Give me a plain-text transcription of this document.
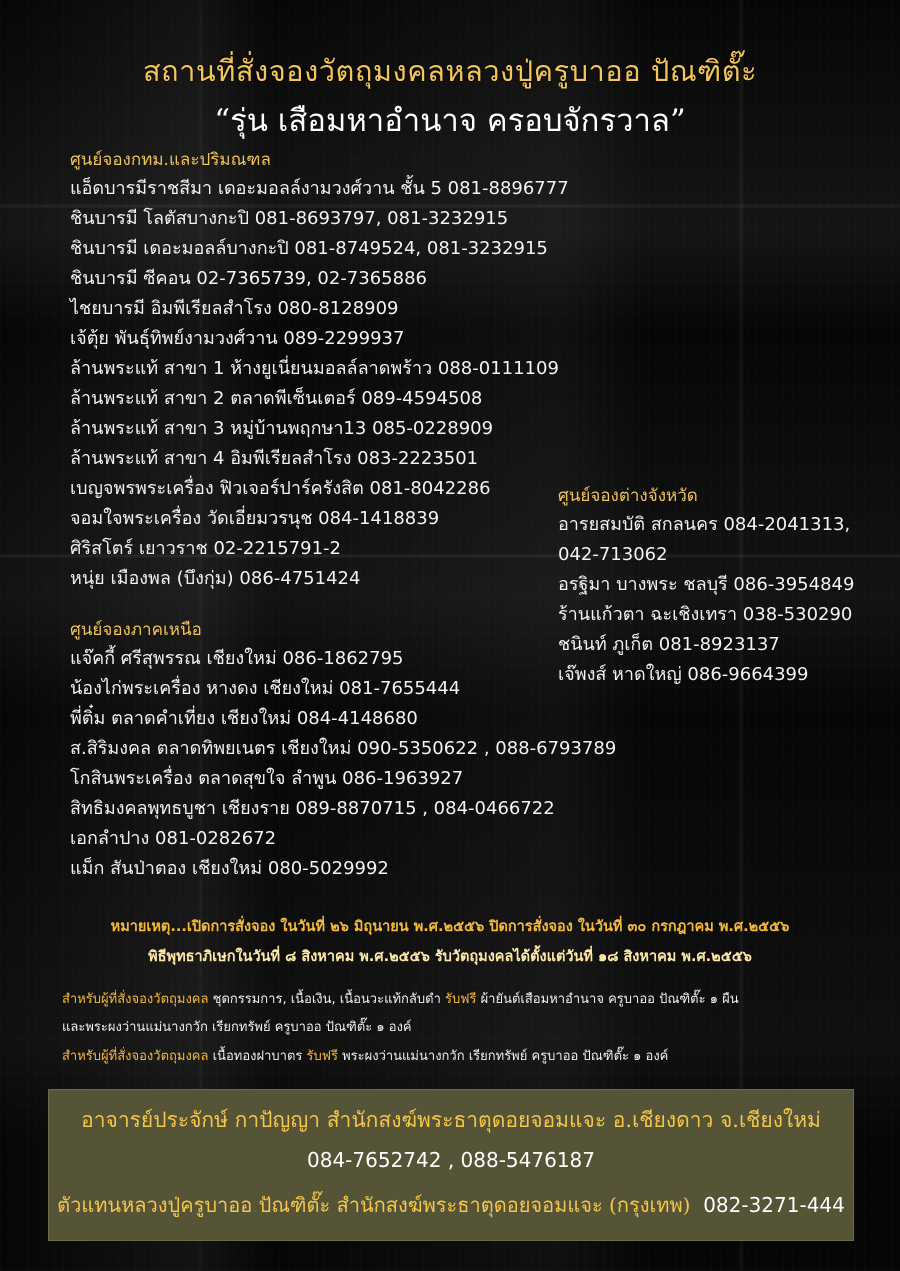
สถานที่สั่งจองวัตถุมงคลหลวงปู่ครูบาออ ปัณฑิตั๊ะ
“รุ่น เสือมหาอำนาจ ครอบจักรวาล”
ศูนย์จองกทม.และปริมณฑล
แอ็ดบารมีราชสีมา เดอะมอลล์งามวงศ์วาน ชั้น 5 081-8896777
ชินบารมี โลตัสบางกะปิ 081-8693797, 081-3232915
ชินบารมี เดอะมอลล์บางกะปิ 081-8749524, 081-3232915
ชินบารมี ซีคอน 02-7365739, 02-7365886
ไชยบารมี อิมพีเรียลสำโรง 080-8128909
เจ้ตุ้ย พันธุ์ทิพย์งามวงศ์วาน 089-2299937
ล้านพระแท้ สาขา 1 ห้างยูเนี่ยนมอลล์ลาดพร้าว 088-0111109
ล้านพระแท้ สาขา 2 ตลาดพีเซ็นเตอร์ 089-4594508
ล้านพระแท้ สาขา 3 หมู่บ้านพฤกษา13 085-0228909
ล้านพระแท้ สาขา 4 อิมพีเรียลสำโรง 083-2223501
เบญจพรพระเครื่อง ฟิวเจอร์ปาร์ครังสิต 081-8042286
จอมใจพระเครื่อง วัดเอี่ยมวรนุช 084-1418839
ศิริสโตร์ เยาวราช 02-2215791-2
หนุ่ย เมืองพล (บึงกุ่ม) 086-4751424
ศูนย์จองต่างจังหวัด
อารยสมบัติ สกลนคร 084-2041313,
042-713062
อรฐิมา บางพระ ชลบุรี 086-3954849
ร้านแก้วตา ฉะเชิงเทรา 038-530290
ชนินท์ ภูเก็ต 081-8923137
เจ๊พงส์ หาดใหญ่ 086-9664399
ศูนย์จองภาคเหนือ
แจ๊คกี้ ศรีสุพรรณ เชียงใหม่ 086-1862795
น้องไก่พระเครื่อง หางดง เชียงใหม่ 081-7655444
พี่ติ๋ม ตลาดคำเที่ยง เชียงใหม่ 084-4148680
ส.สิริมงคล ตลาดทิพยเนตร เชียงใหม่ 090-5350622 , 088-6793789
โกสินพระเครื่อง ตลาดสุขใจ ลำพูน 086-1963927
สิทธิมงคลพุทธบูชา เชียงราย 089-8870715 , 084-0466722
เอกลำปาง 081-0282672
แม็ก สันป่าตอง เชียงใหม่ 080-5029992
หมายเหตุ...เปิดการสั่งจอง ในวันที่ ๒๖ มิถุนายน พ.ศ.๒๕๕๖ ปิดการสั่งจอง ในวันที่ ๓๐ กรกฎาคม พ.ศ.๒๕๕๖
พิธีพุทธาภิเษกในวันที่ ๘ สิงหาคม พ.ศ.๒๕๕๖ รับวัตถุมงคลได้ตั้งแต่วันที่ ๑๘ สิงหาคม พ.ศ.๒๕๕๖
สำหรับผู้ที่สั่งจองวัตถุมงคล ชุดกรรมการ, เนื้อเงิน, เนื้อนวะแท้กลับดำ รับฟรี ผ้ายันต์เสือมหาอำนาจ ครูบาออ ปัณฑิตั๊ะ ๑ ผืน
และพระผงว่านแม่นางกวัก เรียกทรัพย์ ครูบาออ ปัณฑิตั๊ะ ๑ องค์
สำหรับผู้ที่สั่งจองวัตถุมงคล เนื้อทองฝาบาตร รับฟรี พระผงว่านแม่นางกวัก เรียกทรัพย์ ครูบาออ ปัณฑิตั๊ะ ๑ องค์
อาจารย์ประจักษ์ กาปัญญา สำนักสงฆ์พระธาตุดอยจอมแจะ อ.เชียงดาว จ.เชียงใหม่
084-7652742 , 088-5476187
ตัวแทนหลวงปู่ครูบาออ ปัณฑิตั๊ะ สำนักสงฆ์พระธาตุดอยจอมแจะ (กรุงเทพ) 082-3271-444
